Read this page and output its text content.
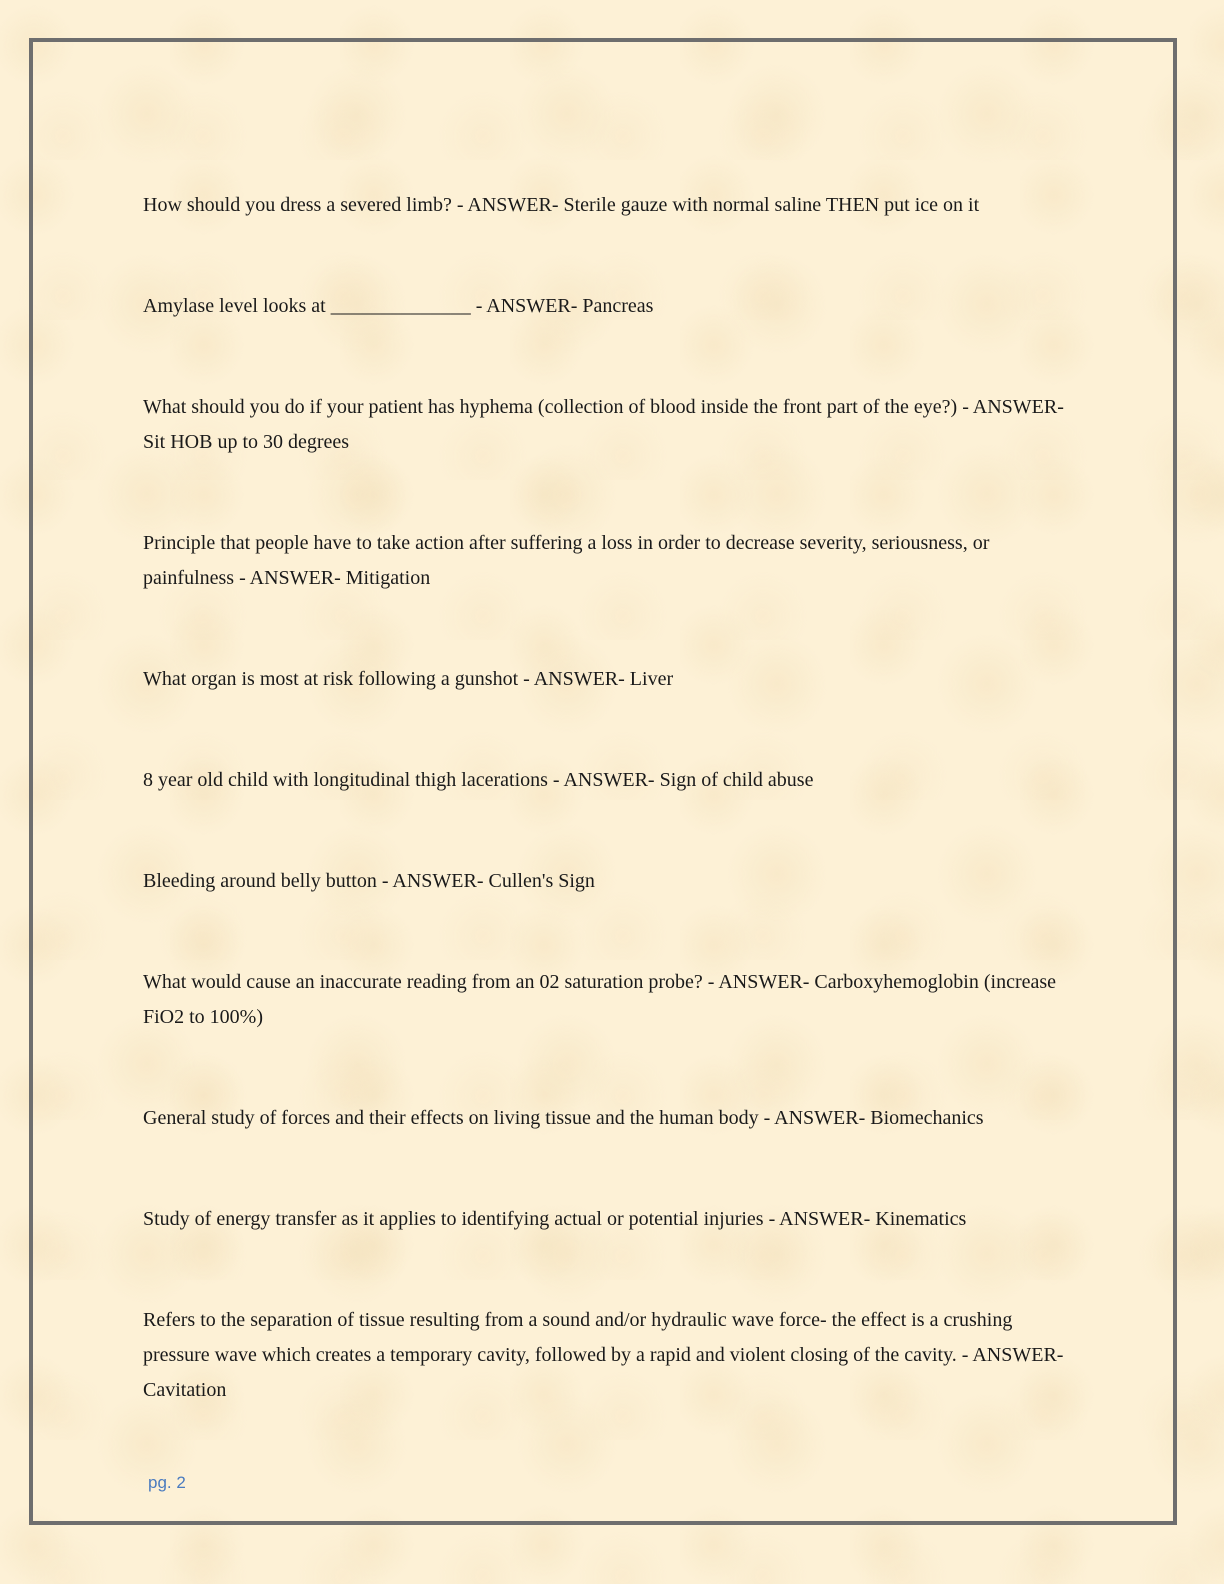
How should you dress a severed limb? - ANSWER- Sterile gauze with normal saline THEN put ice on it
Amylase level looks at ______________ - ANSWER- Pancreas
What should you do if your patient has hyphema (collection of blood inside the front part of the eye?) - ANSWER- Sit HOB up to 30 degrees
Principle that people have to take action after suffering a loss in order to decrease severity, seriousness, or painfulness - ANSWER- Mitigation
What organ is most at risk following a gunshot - ANSWER- Liver
8 year old child with longitudinal thigh lacerations - ANSWER- Sign of child abuse
Bleeding around belly button - ANSWER- Cullen's Sign
What would cause an inaccurate reading from an 02 saturation probe? - ANSWER- Carboxyhemoglobin (increase FiO2 to 100%)
General study of forces and their effects on living tissue and the human body - ANSWER- Biomechanics
Study of energy transfer as it applies to identifying actual or potential injuries - ANSWER- Kinematics
Refers to the separation of tissue resulting from a sound and/or hydraulic wave force- the effect is a crushing pressure wave which creates a temporary cavity, followed by a rapid and violent closing of the cavity. - ANSWER- Cavitation
pg. 2
